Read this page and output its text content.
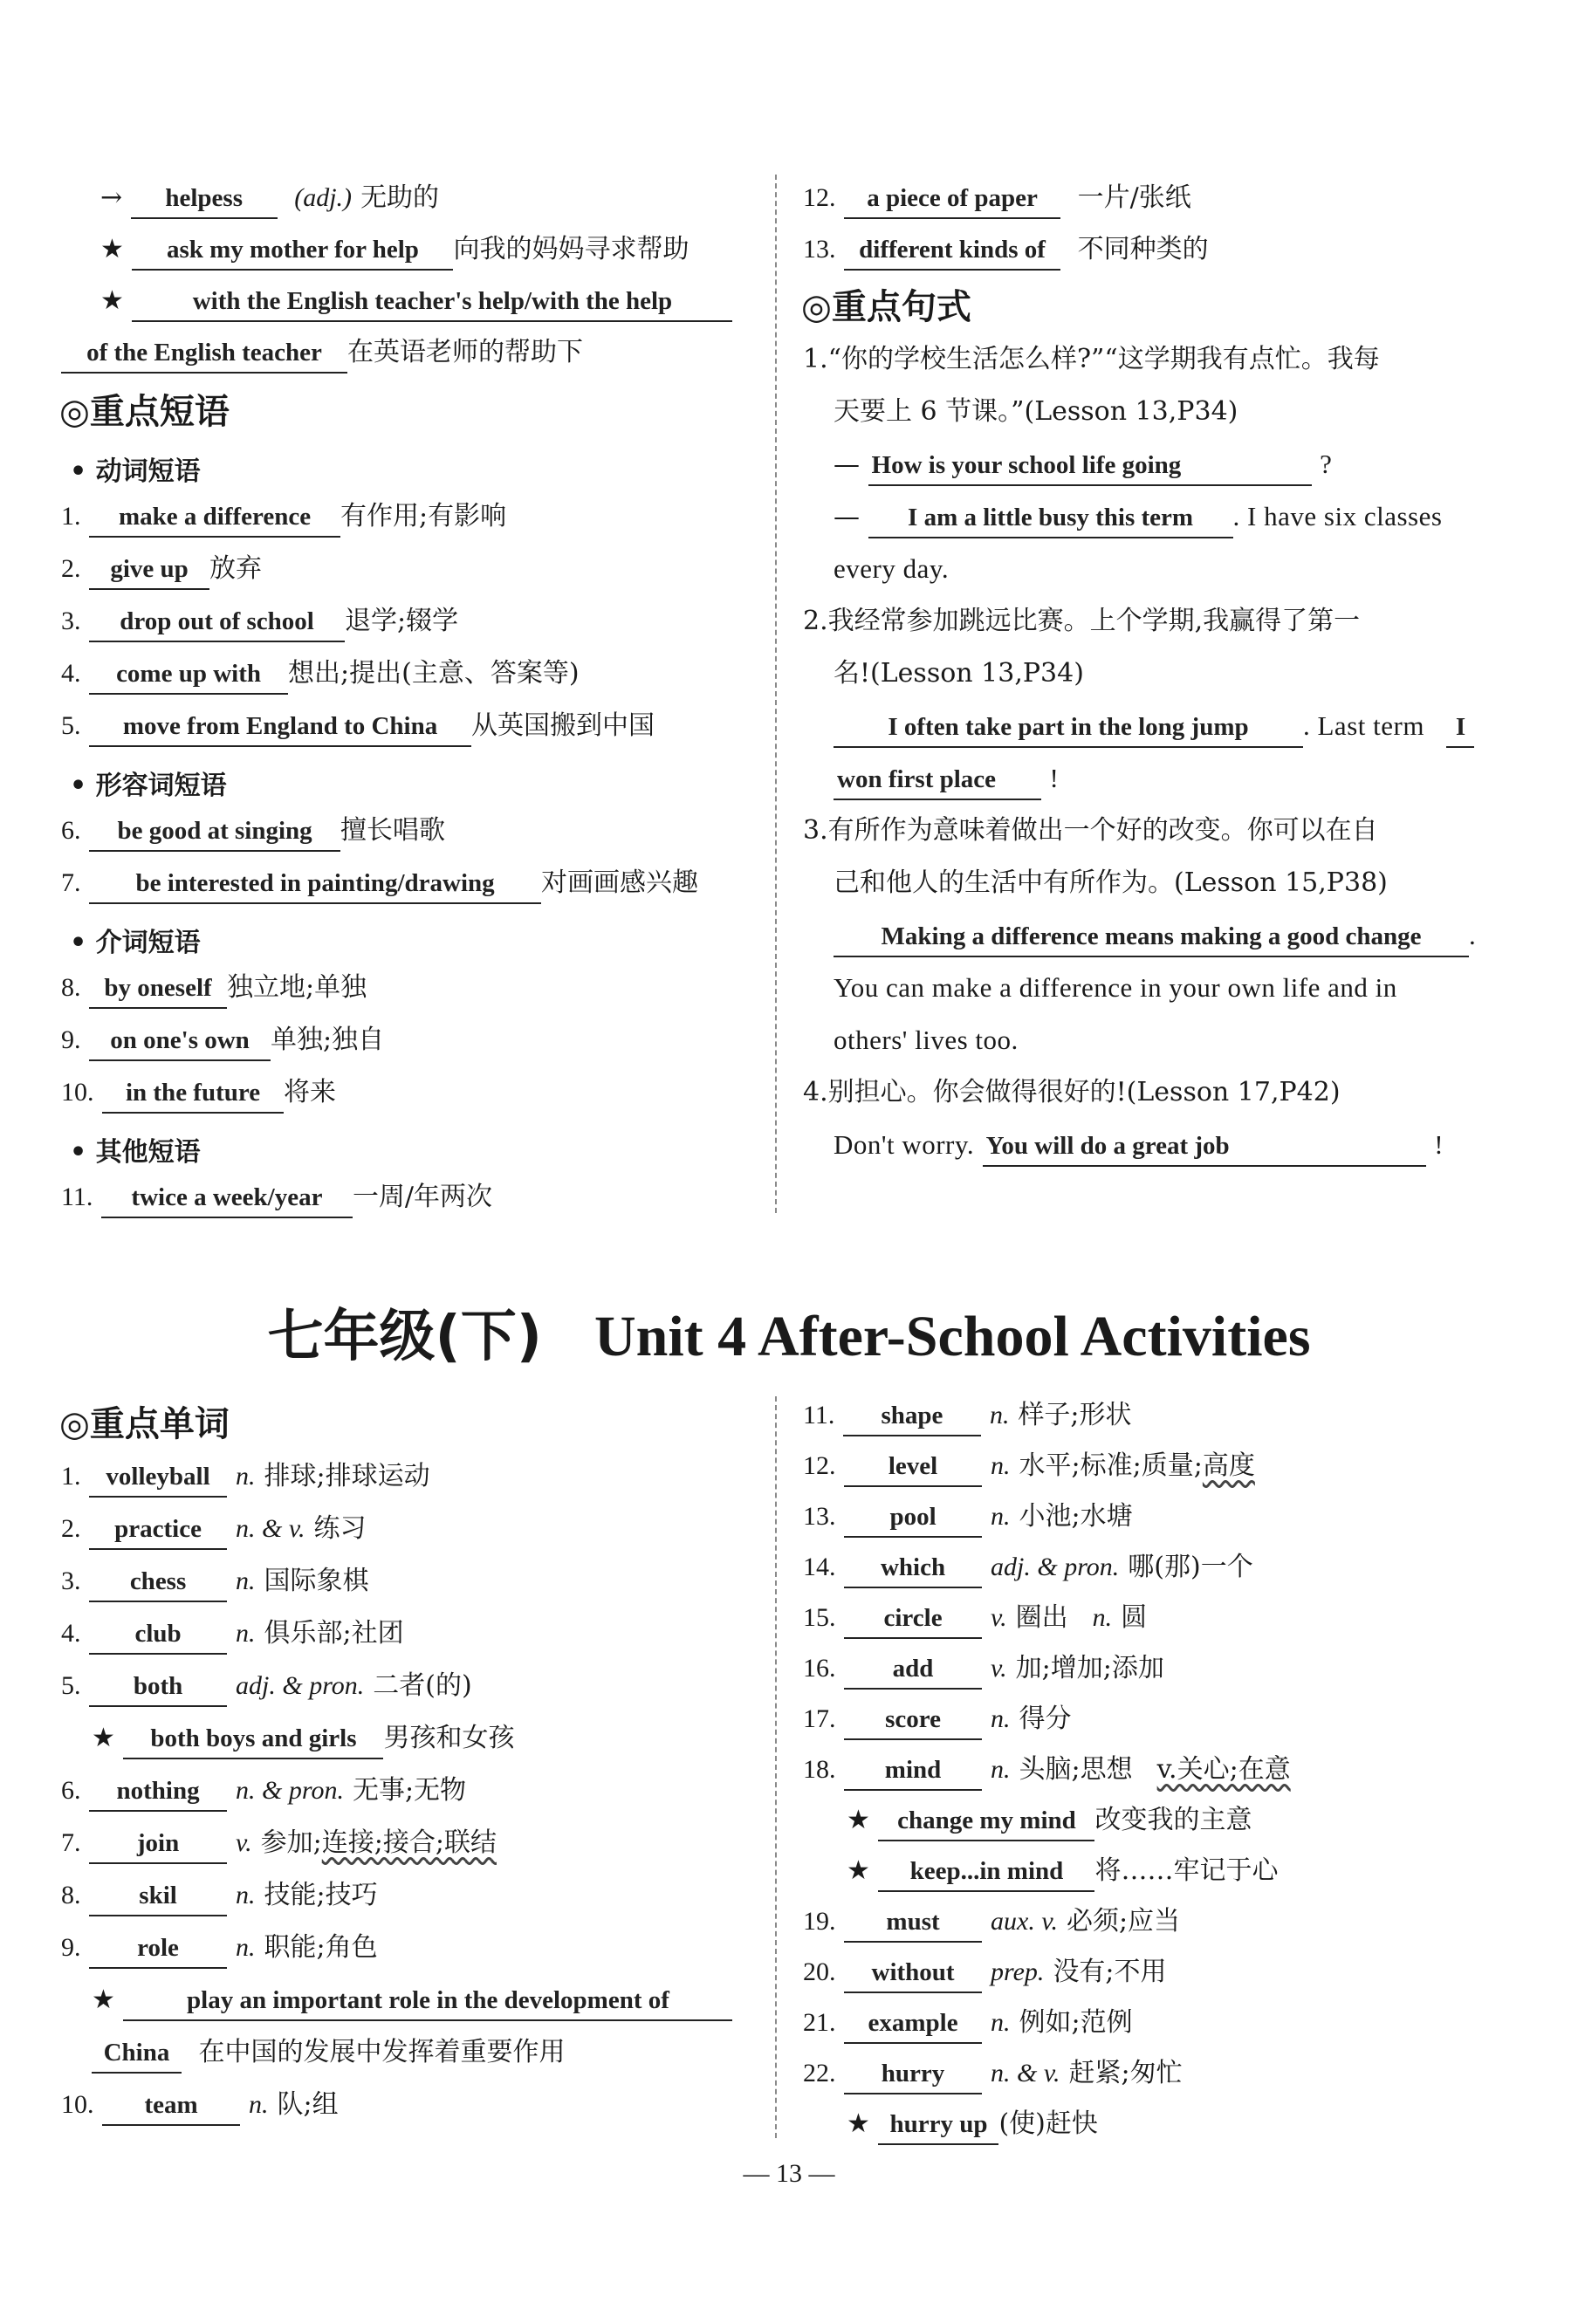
→ helpess (adj.) 无助的
★ ask my mother for help 向我的妈妈寻求帮助
★	with the English teacher's help/with the help
of the English teacher 在英语老师的帮助下
◎重点短语
• 动词短语
1. make a difference 有作用;有影响
2. give up 放弃
3. drop out of school 退学;辍学
4. come up with 想出;提出(主意、答案等)
5. move from England to China 从英国搬到中国
• 形容词短语
6. be good at singing 擅长唱歌
7. be interested in painting/drawing 对画画感兴趣
• 介词短语
8. by oneself 独立地;单独
9. on one's own 单独;独自
10. in the future 将来
• 其他短语
11. twice a week/year 一周/年两次
12. a piece of paper 一片/张纸
13. different kinds of 不同种类的
◎重点句式
1.“你的学校生活怎么样?”“这学期我有点忙。我每
天要上 6 节课。”(Lesson 13,P34)
— How is your school life going	?
— I am a little busy this term . I have six classes
every day.
2.我经常参加跳远比赛。上个学期,我赢得了第一
名!(Lesson 13,P34)
I often take part in the long jump . Last term I
won first place !
3.有所作为意味着做出一个好的改变。你可以在自
己和他人的生活中有所作为。(Lesson 15,P38)
Making a difference means making a good change .
You can make a difference in your own life and in
others' lives too.
4.别担心。你会做得很好的!(Lesson 17,P42)
Don't worry. You will do a great job	!
七年级(下) Unit 4 After-School Activities
◎重点单词
1. volleyball n. 排球;排球运动
2. practice n. & v. 练习
3. chess n. 国际象棋
4. club n. 俱乐部;社团
5. both adj. & pron. 二者(的)
★ both boys and girls 男孩和女孩
6. nothing n. & pron. 无事;无物
7. join v. 参加;连接;接合;联结
8. skil n. 技能;技巧
9. role n. 职能;角色
★	play an important role in the development of
China 在中国的发展中发挥着重要作用
10. team n. 队;组
11. shape n. 样子;形状
12. level n. 水平;标准;质量;高度
13. pool n. 小池;水塘
14. which adj. & pron. 哪(那)一个
15. circle v. 圈出 n. 圆
16. add v. 加;增加;添加
17. score n. 得分
18. mind n. 头脑;思想 v.关心;在意
★ change my mind 改变我的主意
★ keep...in mind 将……牢记于心
19. must aux. v. 必须;应当
20. without prep. 没有;不用
21. example n. 例如;范例
22. hurry n. & v. 赶紧;匆忙
★ hurry up (使)赶快
— 13 —
